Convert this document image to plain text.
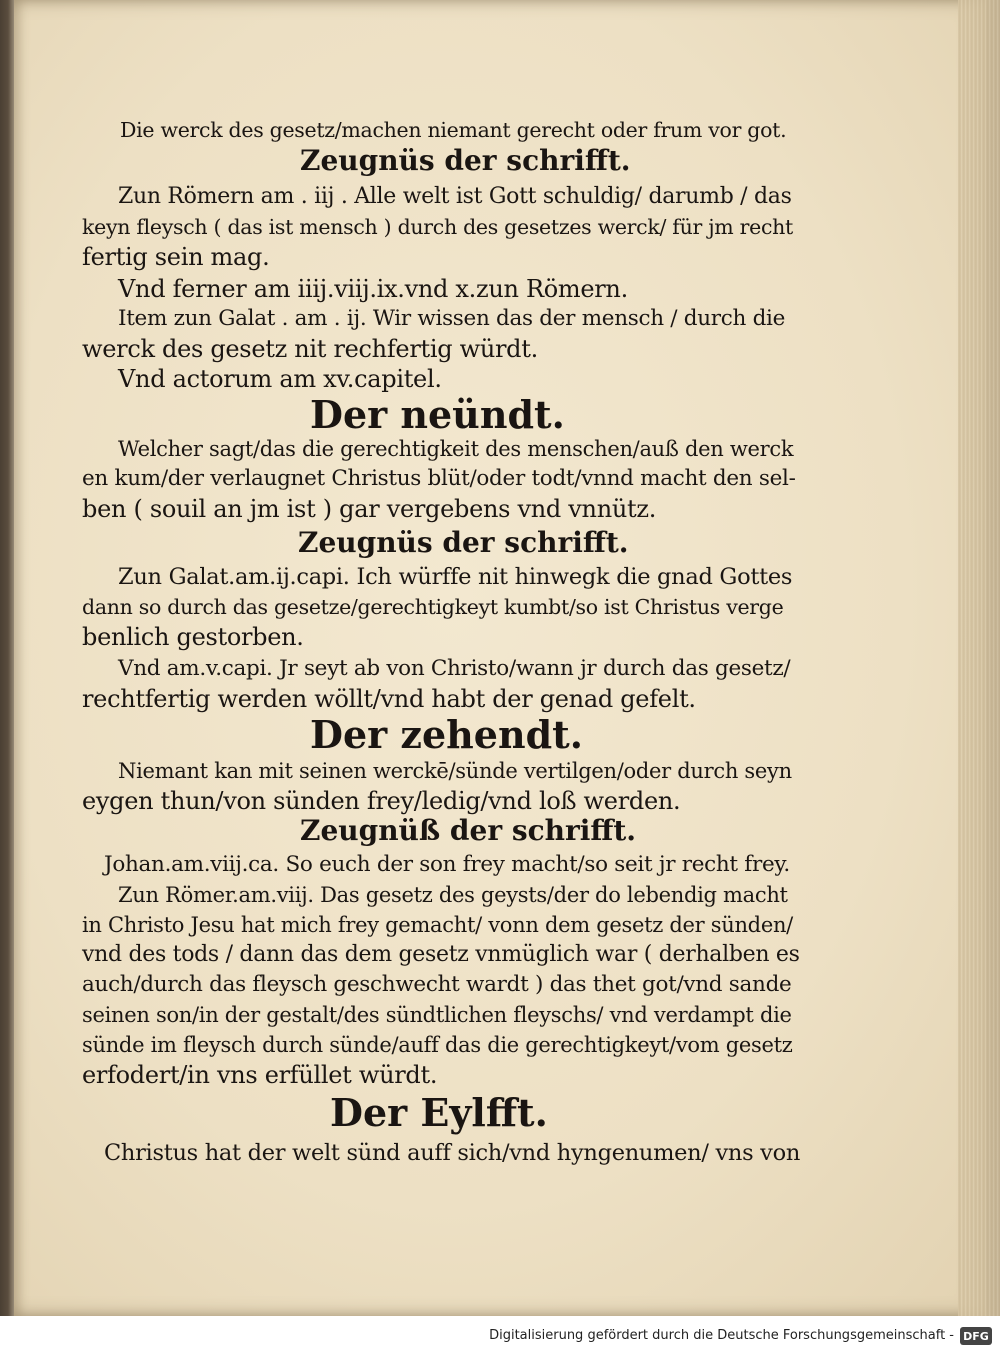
Die werck des gesetz/machen niemant gerecht oder frum vor got.
Zeugnüs der schrifft.
Zun Römern am . iij . Alle welt ist Gott schuldig/ darumb / das
keyn fleysch ( das ist mensch ) durch des gesetzes werck/ für jm recht
fertig sein mag.
Vnd ferner am iiij.viij.ix.vnd x.zun Römern.
Item zun Galat . am . ij. Wir wissen das der mensch / durch die
werck des gesetz nit rechfertig würdt.
Vnd actorum am xv.capitel.
Der neündt.
Welcher sagt/das die gerechtigkeit des menschen/auß den werck
en kum/der verlaugnet Christus blüt/oder todt/vnnd macht den sel-
ben ( souil an jm ist ) gar vergebens vnd vnnütz.
Zeugnüs der schrifft.
Zun Galat.am.ij.capi. Ich würffe nit hinwegk die gnad Gottes
dann so durch das gesetze/gerechtigkeyt kumbt/so ist Christus verge
benlich gestorben.
Vnd am.v.capi. Jr seyt ab von Christo/wann jr durch das gesetz/
rechtfertig werden wöllt/vnd habt der genad gefelt.
Der zehendt.
Niemant kan mit seinen werckē/sünde vertilgen/oder durch seyn
eygen thun/von sünden frey/ledig/vnd loß werden.
Zeugnüß der schrifft.
Johan.am.viij.ca. So euch der son frey macht/so seit jr recht frey.
Zun Römer.am.viij. Das gesetz des geysts/der do lebendig macht
in Christo Jesu hat mich frey gemacht/ vonn dem gesetz der sünden/
vnd des tods / dann das dem gesetz vnmüglich war ( derhalben es
auch/durch das fleysch geschwecht wardt ) das thet got/vnd sande
seinen son/in der gestalt/des sündtlichen fleyschs/ vnd verdampt die
sünde im fleysch durch sünde/auff das die gerechtigkeyt/vom gesetz
erfodert/in vns erfüllet würdt.
Der Eylfft.
Christus hat der welt sünd auff sich/vnd hyngenumen/ vns von
Digitalisierung gefördert durch die Deutsche Forschungsgemeinschaft - DFG
